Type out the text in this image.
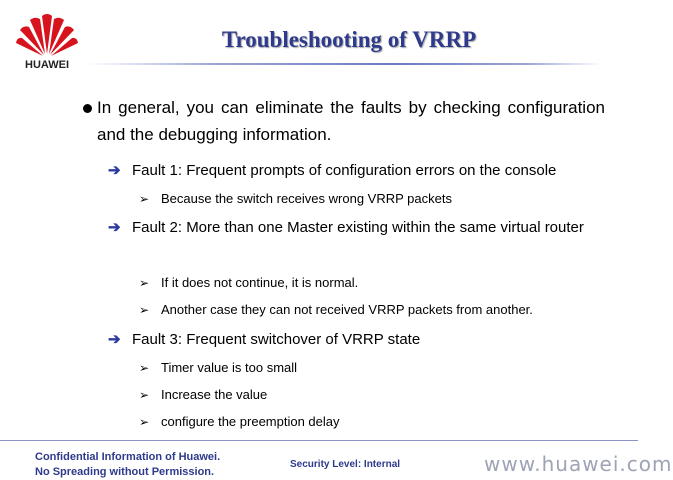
HUAWEI
Troubleshooting of VRRP
In general, you can eliminate the faults by checking configuration and the debugging information.
➔ Fault 1: Frequent prompts of configuration errors on the console
➢ Because the switch receives wrong VRRP packets
➔ Fault 2: More than one Master existing within the same virtual router
➢ If it does not continue, it is normal.
➢ Another case they can not received VRRP packets from another.
➔ Fault 3: Frequent switchover of VRRP state
➢ Timer value is too small
➢ Increase the value
➢ configure the preemption delay
Confidential Information of Huawei.
No Spreading without Permission.
Security Level: Internal	www.huawei.com
